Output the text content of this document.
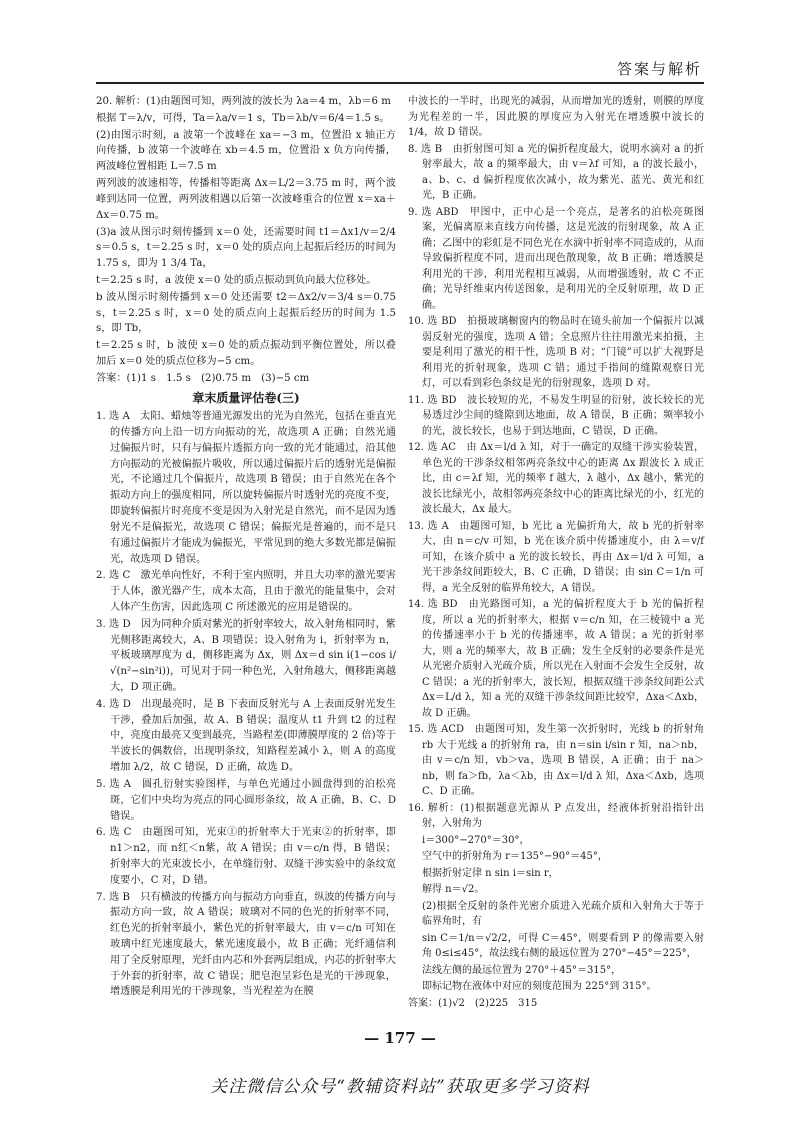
答案与解析

20. 解析：(1)由题图可知，两列波的波长为 λa＝4 m，λb＝6 m

根据 T＝λ/v，可得，Ta＝λa/v＝1 s，Tb＝λb/v＝6/4＝1.5 s。

(2)由图示时刻，a 波第一个波峰在 xa＝−3 m，位置沿 x 轴正方向传播，b 波第一个波峰在 xb＝4.5 m，位置沿 x 负方向传播，两波峰位置相距 L＝7.5 m

两列波的波速相等，传播相等距离 Δx＝L/2＝3.75 m 时，两个波峰到达同一位置，两列波相遇以后第一次波峰重合的位置 x＝xa＋Δx＝0.75 m。

(3)a 波从图示时刻传播到 x＝0 处，还需要时间 t1＝Δx1/v＝2/4 s＝0.5 s，t＝2.25 s 时，x＝0 处的质点向上起振后经历的时间为 1.75 s，即为 1 3/4 Ta，

t＝2.25 s 时，a 波使 x＝0 处的质点振动到负向最大位移处。

b 波从图示时刻传播到 x＝0 处还需要 t2＝Δx2/v＝3/4 s＝0.75 s，t＝2.25 s 时，x＝0 处的质点向上起振后经历的时间为 1.5 s，即 Tb，

t＝2.25 s 时，b 波使 x＝0 处的质点振动到平衡位置处，所以叠加后 x＝0 处的质点位移为−5 cm。

答案：(1)1 s　1.5 s　(2)0.75 m　(3)−5 cm

章末质量评估卷(三)

1. 选 A　太阳、蜡烛等普通光源发出的光为自然光，包括在垂直光的传播方向上沿一切方向振动的光，故选项 A 正确；自然光通过偏振片时，只有与偏振片透振方向一致的光才能通过，沿其他方向振动的光被偏振片吸收，所以通过偏振片后的透射光是偏振光，不论通过几个偏振片，故选项 B 错误；由于自然光在各个振动方向上的强度相同，所以旋转偏振片时透射光的亮度不变，即旋转偏振片时亮度不变是因为入射光是自然光，而不是因为透射光不是偏振光，故选项 C 错误；偏振光是普遍的，而不是只有通过偏振片才能成为偏振光，平常见到的绝大多数光都是偏振光，故选项 D 错误。

2. 选 C　激光单向性好，不利于室内照明，并且大功率的激光要害于人体，激光器产生，成本太高，且由于激光的能量集中，会对人体产生伤害，因此选项 C 所述激光的应用是错误的。

3. 选 D　因为同种介质对紫光的折射率较大，故入射角相同时，紫光侧移距离较大，A、B 项错误；设入射角为 i，折射率为 n，平板玻璃厚度为 d，侧移距离为 Δx，则 Δx＝d sin i(1−cos i/√(n²−sin²i))，可见对于同一种色光，入射角越大，侧移距离越大，D 项正确。

4. 选 D　出现最亮时，是 B 下表面反射光与 A 上表面反射光发生干涉，叠加后加强，故 A、B 错误；温度从 t1 升到 t2 的过程中，亮度由最亮又变到最亮，当路程差(即薄膜厚度的 2 倍)等于半波长的偶数倍，出现明条纹，知路程差减小 λ，则 A 的高度增加 λ/2，故 C 错误，D 正确，故选 D。

5. 选 A　圆孔衍射实验图样，与单色光通过小圆盘得到的泊松亮斑，它们中央均为亮点的同心圆形条纹，故 A 正确，B、C、D 错误。

6. 选 C　由题图可知，光束①的折射率大于光束②的折射率，即 n1＞n2，而 n红＜n紫，故 A 错误；由 v＝c/n 得，B 错误；折射率大的光束波长小，在单缝衍射、双缝干涉实验中的条纹宽度要小，C 对，D 错。

7. 选 B　只有横波的传播方向与振动方向垂直，纵波的传播方向与振动方向一致，故 A 错误；玻璃对不同的色光的折射率不同，红色光的折射率最小，紫色光的折射率最大，由 v＝c/n 可知在玻璃中红光速度最大，紫光速度最小，故 B 正确；光纤通信利用了全反射原理，光纤由内芯和外套两层组成，内芯的折射率大于外套的折射率，故 C 错误；肥皂泡呈彩色是光的干涉现象，增透膜是利用光的干涉现象，当光程差为在膜

中波长的一半时，出现光的减弱，从而增加光的透射，则膜的厚度为光程差的一半，因此膜的厚度应为入射光在增透膜中波长的 1/4，故 D 错误。

8. 选 B　由折射图可知 a 光的偏折程度最大，说明水滴对 a 的折射率最大，故 a 的频率最大，由 v＝λf 可知，a 的波长最小，a、b、c、d 偏折程度依次减小，故为紫光、蓝光、黄光和红光，B 正确。

9. 选 ABD　甲图中，正中心是一个亮点，是著名的泊松亮斑图案，光偏离原来直线方向传播，这是光波的衍射现象，故 A 正确；乙图中的彩虹是不同色光在水滴中折射率不同造成的，从而导致偏折程度不同，进而出现色散现象，故 B 正确；增透膜是利用光的干涉，利用光程相互减弱，从而增强透射，故 C 不正确；光导纤维束内传送图象，是利用光的全反射原理，故 D 正确。

10. 选 BD　拍摄玻璃橱窗内的物品时在镜头前加一个偏振片以减弱反射光的强度，选项 A 错；全息照片往往用激光来拍摄，主要是利用了激光的相干性，选项 B 对；“门镜”可以扩大视野是利用光的折射现象，选项 C 错；通过手指间的缝隙观察日光灯，可以看到彩色条纹是光的衍射现象，选项 D 对。

11. 选 BD　波长较短的光，不易发生明显的衍射，波长较长的光易透过沙尘间的缝隙到达地面，故 A 错误，B 正确；频率较小的光，波长较长，也易于到达地面，C 错误，D 正确。

12. 选 AC　由 Δx＝l/d λ 知，对于一确定的双缝干涉实验装置，单色光的干涉条纹相邻两亮条纹中心的距离 Δx 跟波长 λ 成正比，由 c＝λf 知，光的频率 f 越大，λ 越小，Δx 越小，紫光的波长比绿光小，故相邻两亮条纹中心的距离比绿光的小，红光的波长最大，Δx 最大。

13. 选 A　由题图可知，b 光比 a 光偏折角大，故 b 光的折射率大，由 n＝c/v 可知，b 光在该介质中传播速度小，由 λ＝v/f 可知，在该介质中 a 光的波长较长，再由 Δx＝l/d λ 可知，a 光干涉条纹间距较大，B、C 正确，D 错误；由 sin C＝1/n 可得，a 光全反射的临界角较大，A 错误。

14. 选 BD　由光路图可知，a 光的偏折程度大于 b 光的偏折程度，所以 a 光的折射率大，根据 v＝c/n 知，在三棱镜中 a 光的传播速率小于 b 光的传播速率，故 A 错误；a 光的折射率大，则 a 光的频率大，故 B 正确；发生全反射的必要条件是光从光密介质射入光疏介质，所以光在入射面不会发生全反射，故 C 错误；a 光的折射率大，波长短，根据双缝干涉条纹间距公式 Δx＝L/d λ，知 a 光的双缝干涉条纹间距比较窄，Δxa＜Δxb，故 D 正确。

15. 选 ACD　由题图可知，发生第一次折射时，光线 b 的折射角 rb 大于光线 a 的折射角 ra，由 n＝sin i/sin r 知，na＞nb，由 v＝c/n 知，vb＞va，选项 B 错误，A 正确；由于 na＞nb，则 fa＞fb，λa＜λb，由 Δx＝l/d λ 知，Δxa＜Δxb，选项 C、D 正确。

16. 解析：(1)根据题意光源从 P 点发出，经液体折射沿指针出射，入射角为

i＝300°−270°＝30°，

空气中的折射角为 r＝135°−90°＝45°，

根据折射定律 n sin i＝sin r，

解得 n＝√2。

(2)根据全反射的条件光密介质进入光疏介质和入射角大于等于临界角时，有

sin C＝1/n＝√2/2，可得 C＝45°，则要看到 P 的像需要入射角 0≤i≤45°，故法线右侧的最远位置为 270°−45°＝225°，

法线左侧的最远位置为 270°＋45°＝315°，

即标记物在液体中对应的刻度范围为 225°到 315°。

答案：(1)√2　(2)225　315

— 177 —
关注微信公众号“教辅资料站”获取更多学习资料
